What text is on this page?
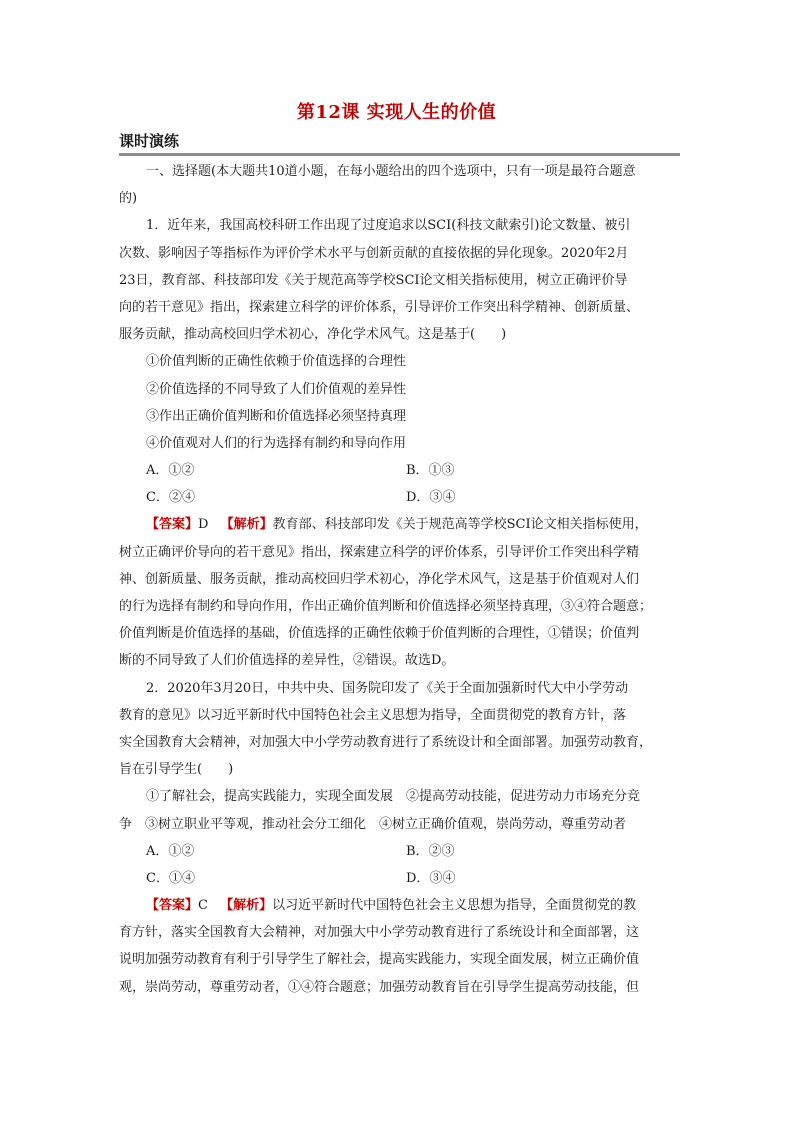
第12课 实现人生的价值
课时演练
一、选择题(本大题共10道小题，在每小题给出的四个选项中，只有一项是最符合题意
的)
1．近年来，我国高校科研工作出现了过度追求以SCI(科技文献索引)论文数量、被引
次数、影响因子等指标作为评价学术水平与创新贡献的直接依据的异化现象。2020年2月
23日，教育部、科技部印发《关于规范高等学校SCI论文相关指标使用，树立正确评价导
向的若干意见》指出，探索建立科学的评价体系，引导评价工作突出科学精神、创新质量、
服务贡献，推动高校回归学术初心，净化学术风气。这是基于(　　)
①价值判断的正确性依赖于价值选择的合理性
②价值选择的不同导致了人们价值观的差异性
③作出正确价值判断和价值选择必须坚持真理
④价值观对人们的行为选择有制约和导向作用
A．①②	B．①③
C．②④	D．③④
【答案】D 【解析】教育部、科技部印发《关于规范高等学校SCI论文相关指标使用，
树立正确评价导向的若干意见》指出，探索建立科学的评价体系，引导评价工作突出科学精
神、创新质量、服务贡献，推动高校回归学术初心，净化学术风气，这是基于价值观对人们
的行为选择有制约和导向作用，作出正确价值判断和价值选择必须坚持真理，③④符合题意；
价值判断是价值选择的基础，价值选择的正确性依赖于价值判断的合理性，①错误；价值判
断的不同导致了人们价值选择的差异性，②错误。故选D。
2．2020年3月20日，中共中央、国务院印发了《关于全面加强新时代大中小学劳动
教育的意见》以习近平新时代中国特色社会主义思想为指导，全面贯彻党的教育方针，落
实全国教育大会精神，对加强大中小学劳动教育进行了系统设计和全面部署。加强劳动教育，
旨在引导学生(　　)
①了解社会，提高实践能力，实现全面发展　②提高劳动技能，促进劳动力市场充分竞
争　③树立职业平等观，推动社会分工细化　④树立正确价值观，崇尚劳动，尊重劳动者
A．①②	B．②③
C．①④	D．③④
【答案】C 【解析】以习近平新时代中国特色社会主义思想为指导，全面贯彻党的教
育方针，落实全国教育大会精神，对加强大中小学劳动教育进行了系统设计和全面部署，这
说明加强劳动教育有利于引导学生了解社会，提高实践能力，实现全面发展，树立正确价值
观，崇尚劳动，尊重劳动者，①④符合题意；加强劳动教育旨在引导学生提高劳动技能，但
